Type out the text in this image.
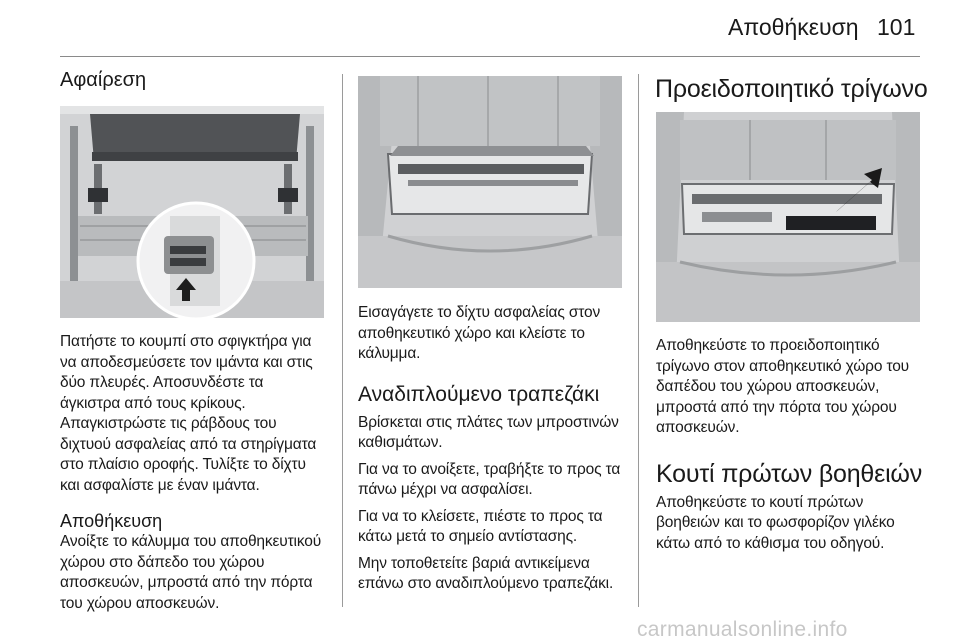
Αποθήκευση 101
Αφαίρεση

Πατήστε το κουμπί στο σφιγκτήρα για να αποδεσμεύσετε τον ιμάντα και στις δύο πλευρές. Αποσυνδέστε τα άγκιστρα από τους κρίκους. Απαγκιστρώστε τις ράβδους του διχτυού ασφαλείας από τα στηρίγματα στο πλαίσιο οροφής. Τυλίξτε το δίχτυ και ασφαλίστε με έναν ιμάντα.

Αποθήκευση

Ανοίξτε το κάλυμμα του αποθηκευτικού χώρου στο δάπεδο του χώρου αποσκευών, μπροστά από την πόρτα του χώρου αποσκευών.

Εισαγάγετε το δίχτυ ασφαλείας στον αποθηκευτικό χώρο και κλείστε το κάλυμμα.

Αναδιπλούμενο τραπεζάκι

Βρίσκεται στις πλάτες των μπροστινών καθισμάτων.

Για να το ανοίξετε, τραβήξτε το προς τα πάνω μέχρι να ασφαλίσει.

Για να το κλείσετε, πιέστε το προς τα κάτω μετά το σημείο αντίστασης.

Μην τοποθετείτε βαριά αντικείμενα επάνω στο αναδιπλούμενο τραπεζάκι.

Προειδοποιητικό τρίγωνο

Αποθηκεύστε το προειδοποιητικό τρίγωνο στον αποθηκευτικό χώρο του δαπέδου του χώρου αποσκευών, μπροστά από την πόρτα του χώρου αποσκευών.

Κουτί πρώτων βοηθειών

Αποθηκεύστε το κουτί πρώτων βοηθειών και το φωσφορίζον γιλέκο κάτω από το κάθισμα του οδηγού.

carmanualsonline.info
